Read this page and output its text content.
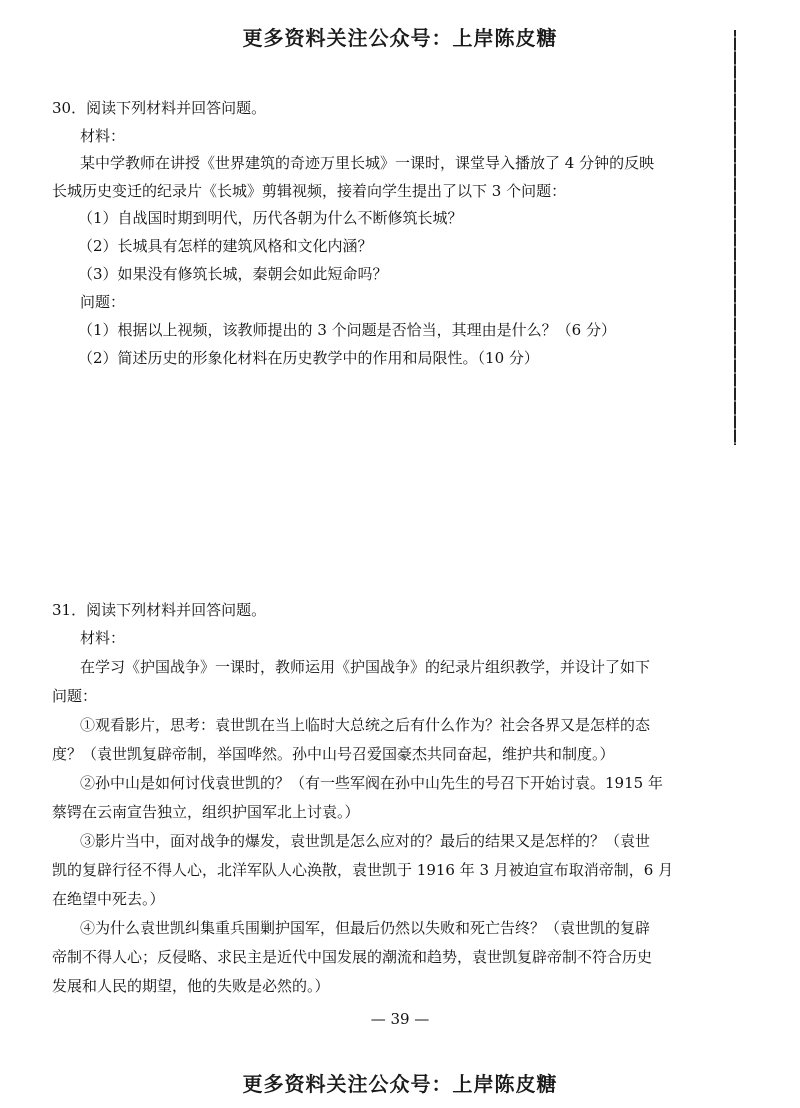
更多资料关注公众号：上岸陈皮糖
30．阅读下列材料并回答问题。
材料：
某中学教师在讲授《世界建筑的奇迹万里长城》一课时，课堂导入播放了 4 分钟的反映
长城历史变迁的纪录片《长城》剪辑视频，接着向学生提出了以下 3 个问题：
（1）自战国时期到明代，历代各朝为什么不断修筑长城？
（2）长城具有怎样的建筑风格和文化内涵？
（3）如果没有修筑长城，秦朝会如此短命吗？
问题：
（1）根据以上视频，该教师提出的 3 个问题是否恰当，其理由是什么？（6 分）
（2）简述历史的形象化材料在历史教学中的作用和局限性。（10 分）
31．阅读下列材料并回答问题。
材料：
在学习《护国战争》一课时，教师运用《护国战争》的纪录片组织教学，并设计了如下
问题：
①观看影片，思考：袁世凯在当上临时大总统之后有什么作为？社会各界又是怎样的态
度？（袁世凯复辟帝制，举国哗然。孙中山号召爱国豪杰共同奋起，维护共和制度。）
②孙中山是如何讨伐袁世凯的？（有一些军阀在孙中山先生的号召下开始讨袁。1915 年
蔡锷在云南宣告独立，组织护国军北上讨袁。）
③影片当中，面对战争的爆发，袁世凯是怎么应对的？最后的结果又是怎样的？（袁世
凯的复辟行径不得人心，北洋军队人心涣散，袁世凯于 1916 年 3 月被迫宣布取消帝制，6 月
在绝望中死去。）
④为什么袁世凯纠集重兵围剿护国军，但最后仍然以失败和死亡告终？（袁世凯的复辟
帝制不得人心；反侵略、求民主是近代中国发展的潮流和趋势，袁世凯复辟帝制不符合历史
发展和人民的期望，他的失败是必然的。）
— 39 —
更多资料关注公众号：上岸陈皮糖
